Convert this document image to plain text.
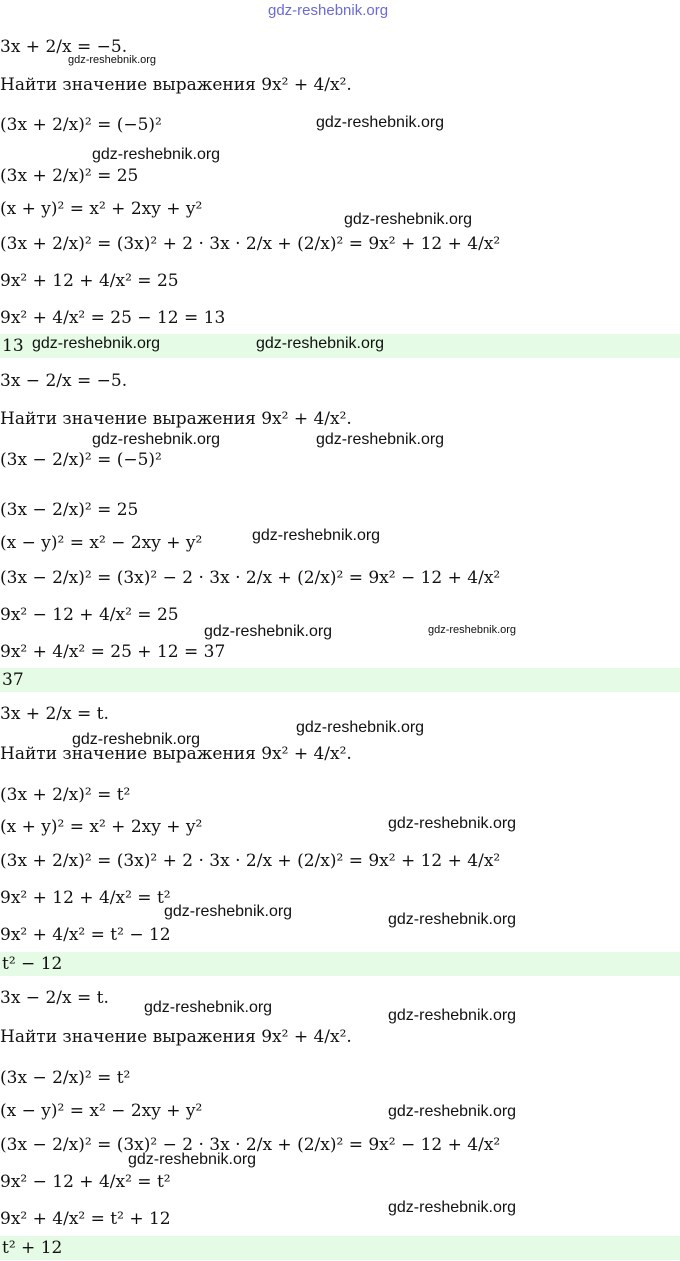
gdz-reshebnik.org
3x + 2/x = −5.
Найти значение выражения 9x² + 4/x².
(3x + 2/x)² = (−5)²
(3x + 2/x)² = 25
(x + y)² = x² + 2xy + y²
(3x + 2/x)² = (3x)² + 2 · 3x · 2/x + (2/x)² = 9x² + 12 + 4/x²
9x² + 12 + 4/x² = 25
9x² + 4/x² = 25 − 12 = 13
13
3x − 2/x = −5.
Найти значение выражения 9x² + 4/x².
(3x − 2/x)² = (−5)²
(3x − 2/x)² = 25
(x − y)² = x² − 2xy + y²
(3x − 2/x)² = (3x)² − 2 · 3x · 2/x + (2/x)² = 9x² − 12 + 4/x²
9x² − 12 + 4/x² = 25
9x² + 4/x² = 25 + 12 = 37
37
3x + 2/x = t.
Найти значение выражения 9x² + 4/x².
(3x + 2/x)² = t²
(x + y)² = x² + 2xy + y²
(3x + 2/x)² = (3x)² + 2 · 3x · 2/x + (2/x)² = 9x² + 12 + 4/x²
9x² + 12 + 4/x² = t²
9x² + 4/x² = t² − 12
t² − 12
3x − 2/x = t.
Найти значение выражения 9x² + 4/x².
(3x − 2/x)² = t²
(x − y)² = x² − 2xy + y²
(3x − 2/x)² = (3x)² − 2 · 3x · 2/x + (2/x)² = 9x² − 12 + 4/x²
9x² − 12 + 4/x² = t²
9x² + 4/x² = t² + 12
t² + 12
gdz-reshebnik.org
gdz-reshebnik.org
gdz-reshebnik.org
gdz-reshebnik.org
gdz-reshebnik.org	gdz-reshebnik.org
gdz-reshebnik.org	gdz-reshebnik.org
gdz-reshebnik.org
gdz-reshebnik.org	gdz-reshebnik.org
gdz-reshebnik.org
gdz-reshebnik.org
gdz-reshebnik.org
gdz-reshebnik.org	gdz-reshebnik.org
gdz-reshebnik.org	gdz-reshebnik.org
gdz-reshebnik.org
gdz-reshebnik.org
gdz-reshebnik.org
